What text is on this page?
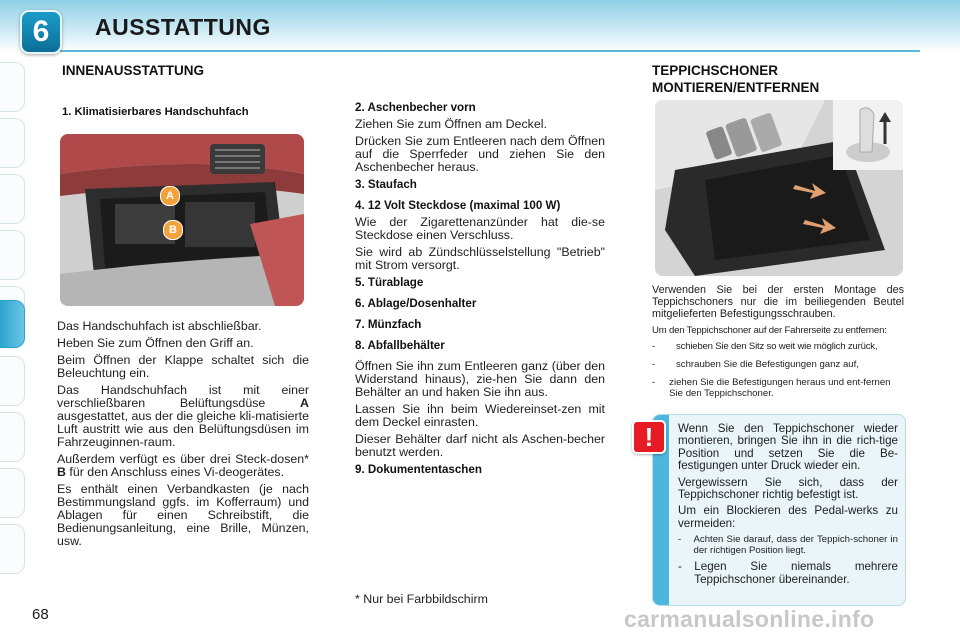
6	AUSSTATTUNG
INNENAUSSTATTUNG
1. Klimatisierbares Handschuhfach
A
B

Das Handschuhfach ist abschließbar.

Heben Sie zum Öffnen den Griff an.

Beim Öffnen der Klappe schaltet sich die Beleuchtung ein.

Das Handschuhfach ist mit einer verschließbaren Belüftungsdüse A ausgestattet, aus der die gleiche kli-matisierte Luft austritt wie aus den Belüftungsdüsen im Fahrzeuginnen-raum.

Außerdem verfügt es über drei Steck-dosen* B für den Anschluss eines Vi-deogerätes.

Es enthält einen Verbandkasten (je nach Bestimmungsland ggfs. im Kofferraum) und Ablagen für einen Schreibstift, die Bedienungsanleitung, eine Brille, Münzen, usw.

2. Aschenbecher vorn

Ziehen Sie zum Öffnen am Deckel.

Drücken Sie zum Entleeren nach dem Öffnen auf die Sperrfeder und ziehen Sie den Aschenbecher heraus.

3. Staufach

4. 12 Volt Steckdose (maximal 100 W)

Wie der Zigarettenanzünder hat die-se Steckdose einen Verschluss.

Sie wird ab Zündschlüsselstellung "Betrieb" mit Strom versorgt.

5. Türablage

6. Ablage/Dosenhalter

7. Münzfach

8. Abfallbehälter

Öffnen Sie ihn zum Entleeren ganz (über den Widerstand hinaus), zie-hen Sie dann den Behälter an und haken Sie ihn aus.

Lassen Sie ihn beim Wiedereinset-zen mit dem Deckel einrasten.

Dieser Behälter darf nicht als Aschen-becher benutzt werden.

9. Dokumententaschen

* Nur bei Farbbildschirm
TEPPICHSCHONER
MONTIEREN/ENTFERNEN
Verwenden Sie bei der ersten Montage des Teppichschoners nur die im beiliegenden Beutel mitgelieferten Befestigungsschrauben.
Um den Teppichschoner auf der Fahrerseite zu entfernen:
-	schieben Sie den Sitz so weit wie möglich zurück,
-	schrauben Sie die Befestigungen ganz auf,
-	ziehen Sie die Befestigungen heraus und ent-fernen Sie den Teppichschoner.

Wenn Sie den Teppichschoner wieder montieren, bringen Sie ihn in die rich-tige Position und setzen Sie die Be-festigungen unter Druck wieder ein.

Vergewissern Sie sich, dass der Teppichschoner richtig befestigt ist.

Um ein Blockieren des Pedal-werks zu vermeiden:

-	Achten Sie darauf, dass der Teppich-schoner in der richtigen Position liegt.
-	Legen Sie niemals mehrere Teppichschoner übereinander.
!
68	carmanualsonline.info
